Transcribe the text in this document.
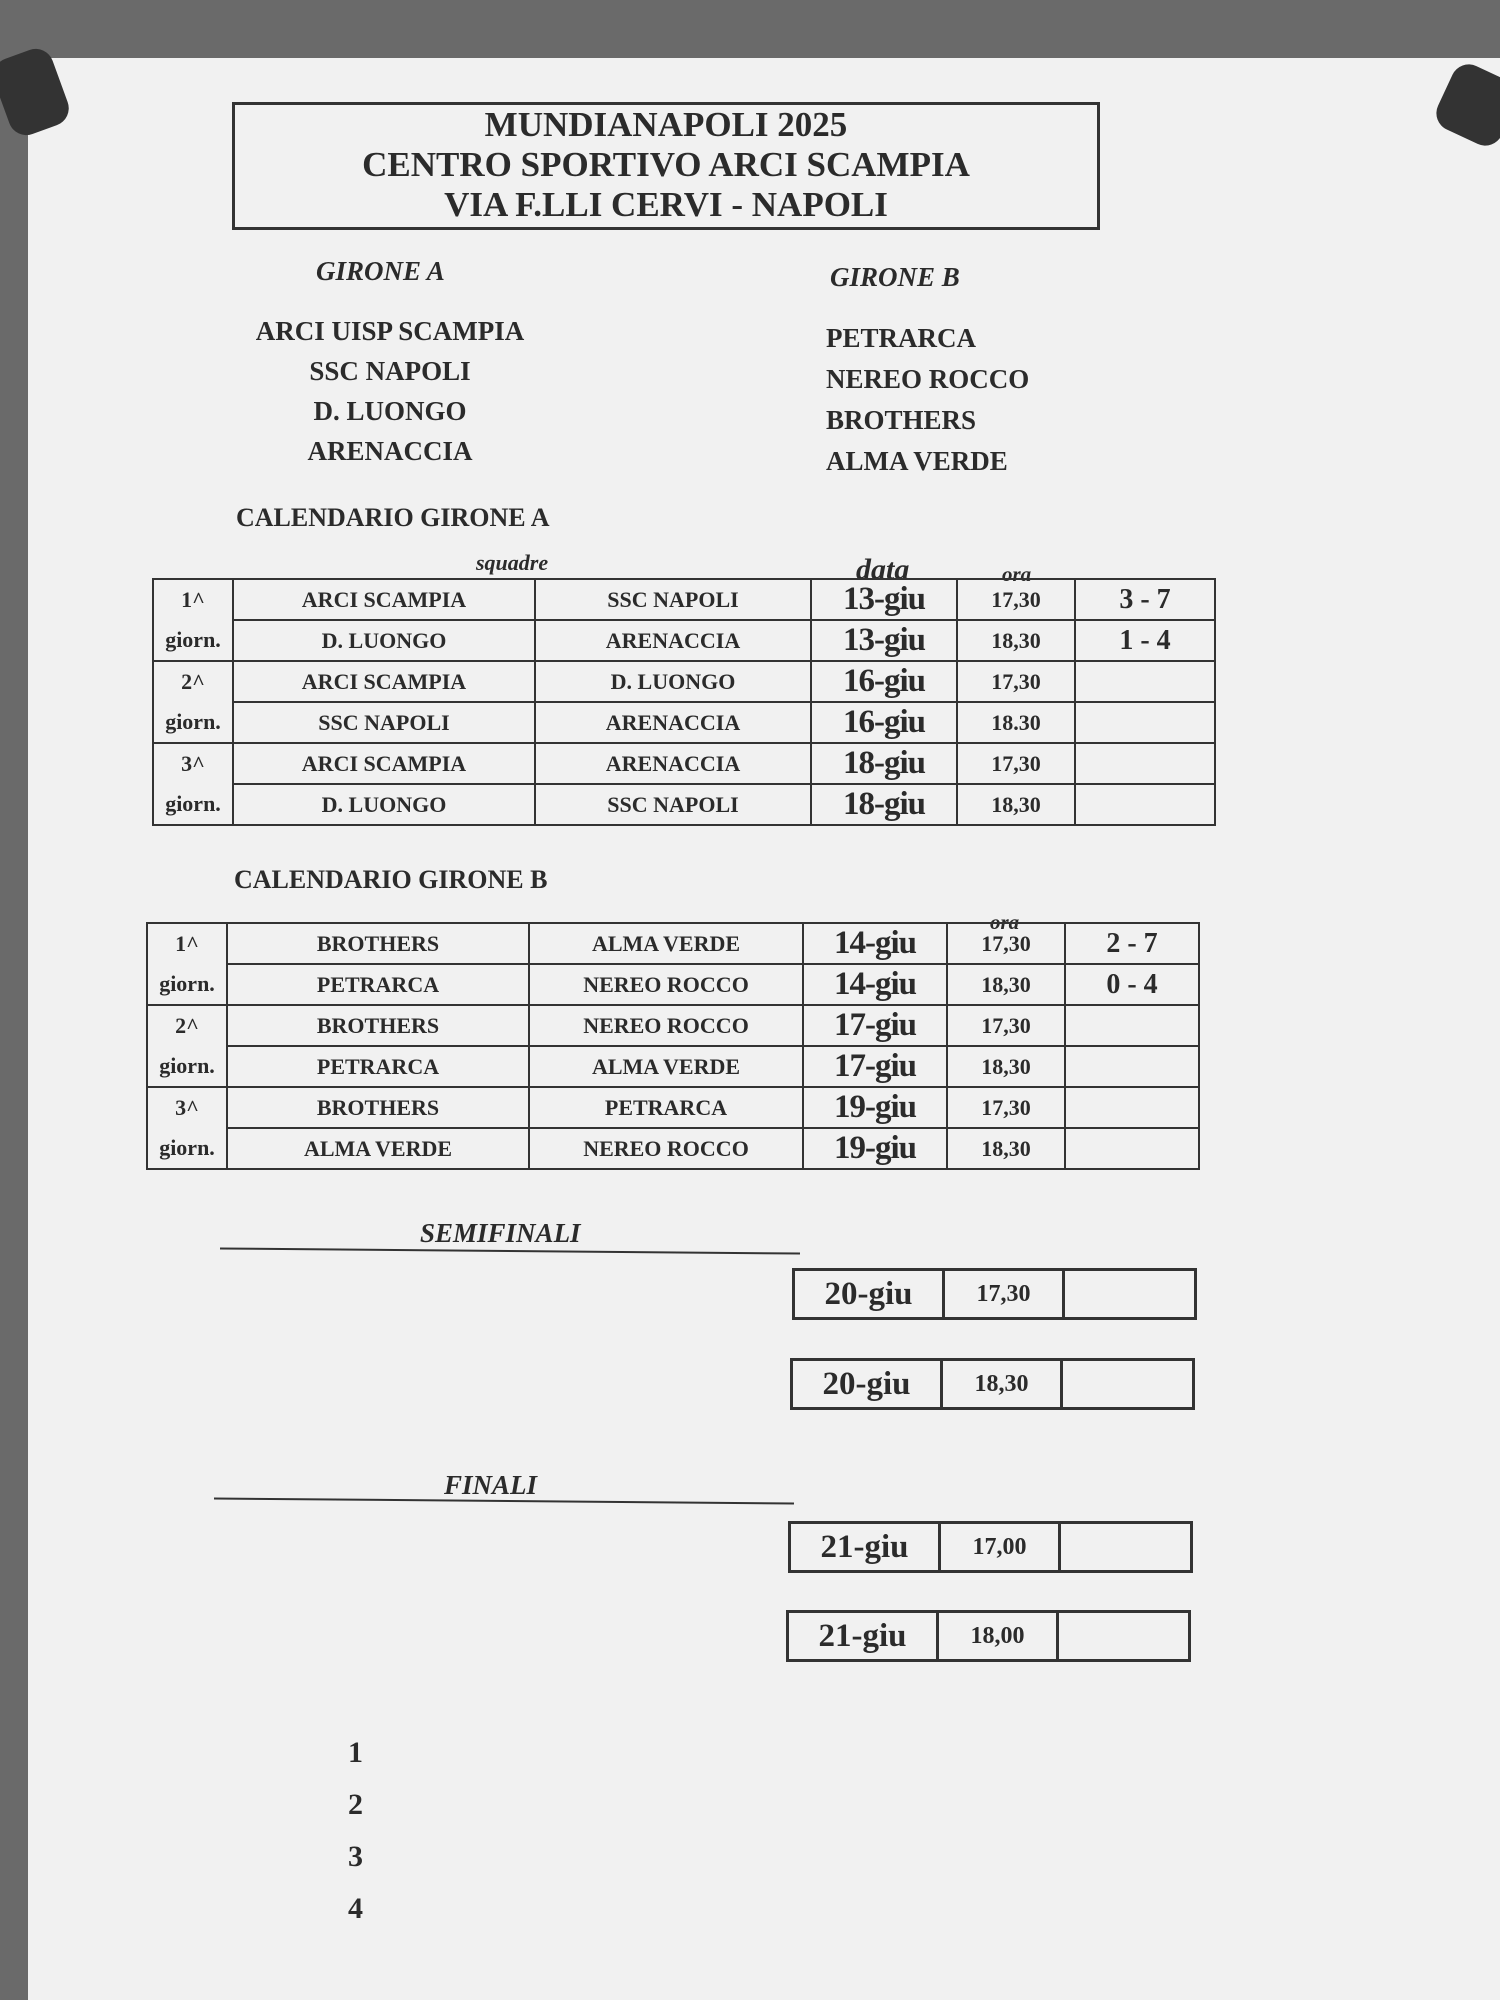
MUNDIANAPOLI 2025
CENTRO SPORTIVO ARCI SCAMPIA
VIA F.LLI CERVI - NAPOLI
GIRONE A	GIRONE B
ARCI UISP SCAMPIA
SSC NAPOLI
D. LUONGO
ARENACCIA
PETRARCA
NEREO ROCCO
BROTHERS
ALMA VERDE
CALENDARIO GIRONE A
squadre	data	ora
1^	ARCI SCAMPIA	SSC NAPOLI	13-giu	17,30	3 - 7
giorn.	D. LUONGO	ARENACCIA	13-giu	18,30	1 - 4
2^	ARCI SCAMPIA	D. LUONGO	16-giu	17,30	
giorn.	SSC NAPOLI	ARENACCIA	16-giu	18.30	
3^	ARCI SCAMPIA	ARENACCIA	18-giu	17,30	
giorn.	D. LUONGO	SSC NAPOLI	18-giu	18,30	
CALENDARIO GIRONE B
ora
1^	BROTHERS	ALMA VERDE	14-giu	17,30	2 - 7
giorn.	PETRARCA	NEREO ROCCO	14-giu	18,30	0 - 4
2^	BROTHERS	NEREO ROCCO	17-giu	17,30	
giorn.	PETRARCA	ALMA VERDE	17-giu	18,30	
3^	BROTHERS	PETRARCA	19-giu	17,30	
giorn.	ALMA VERDE	NEREO ROCCO	19-giu	18,30	
SEMIFINALI
20-giu	17,30	
20-giu	18,30	
FINALI
21-giu	17,00	
21-giu	18,00	
1
2
3
4
